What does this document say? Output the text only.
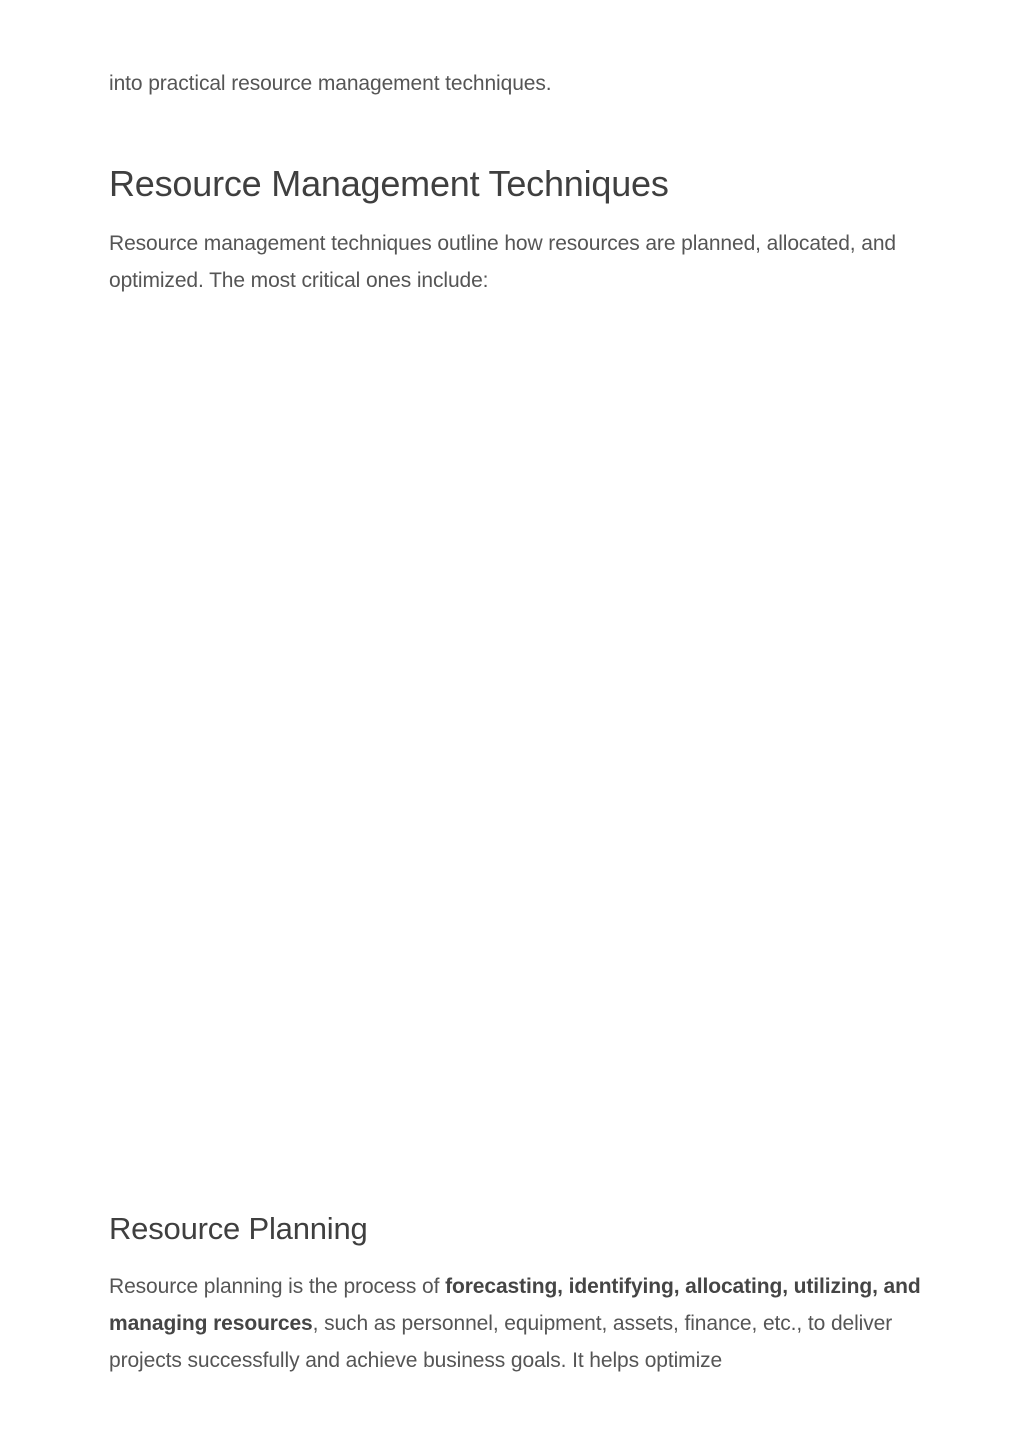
into practical resource management techniques.

Resource Management Techniques

Resource management techniques outline how resources are planned, allocated, and optimized. The most critical ones include:

Resource Planning

Resource planning is the process of forecasting, identifying, allocating, utilizing, and managing resources, such as personnel, equipment, assets, finance, etc., to deliver projects successfully and achieve business goals. It helps optimize
